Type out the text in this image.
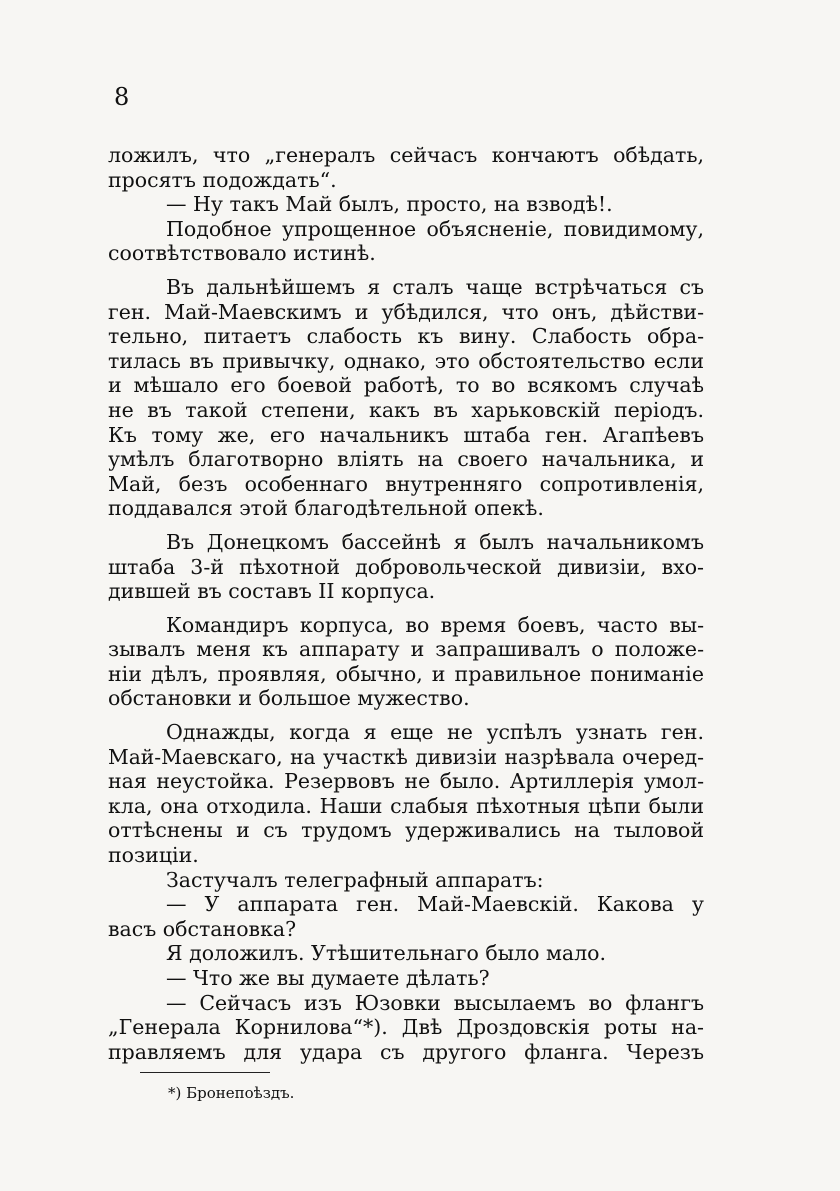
8
ложилъ, что „генералъ сейчасъ кончаютъ обѣдать,
просятъ подождать“.
— Ну такъ Май былъ, просто, на взводѣ!.
Подобное упрощенное объясненіе, повидимому,
соотвѣтствовало истинѣ.
Въ дальнѣйшемъ я сталъ чаще встрѣчаться съ
ген. Май-Маевскимъ и убѣдился, что онъ, дѣйстви-
тельно, питаетъ слабость къ вину. Слабость обра-
тилась въ привычку, однако, это обстоятельство если
и мѣшало его боевой работѣ, то во всякомъ случаѣ
не въ такой степени, какъ въ харьковскій періодъ.
Къ тому же, его начальникъ штаба ген. Агапѣевъ
умѣлъ благотворно вліять на своего начальника, и
Май, безъ особеннаго внутренняго сопротивленія,
поддавался этой благодѣтельной опекѣ.
Въ Донецкомъ бассейнѣ я былъ начальникомъ
штаба 3-й пѣхотной добровольческой дивизіи, вхо-
дившей въ составъ II корпуса.
Командиръ корпуса, во время боевъ, часто вы-
зывалъ меня къ аппарату и запрашивалъ о положе-
ніи дѣлъ, проявляя, обычно, и правильное пониманіе
обстановки и большое мужество.
Однажды, когда я еще не успѣлъ узнать ген.
Май-Маевскаго, на участкѣ дивизіи назрѣвала очеред-
ная неустойка. Резервовъ не было. Артиллерія умол-
кла, она отходила. Наши слабыя пѣхотныя цѣпи были
оттѣснены и съ трудомъ удерживались на тыловой
позиціи.
Застучалъ телеграфный аппаратъ:
— У аппарата ген. Май-Маевскій. Какова у
васъ обстановка?
Я доложилъ. Утѣшительнаго было мало.
— Что же вы думаете дѣлать?
— Сейчасъ изъ Юзовки высылаемъ во флангъ
„Генерала Корнилова“*). Двѣ Дроздовскія роты на-
правляемъ для удара съ другого фланга. Черезъ
*) Бронепоѣздъ.
